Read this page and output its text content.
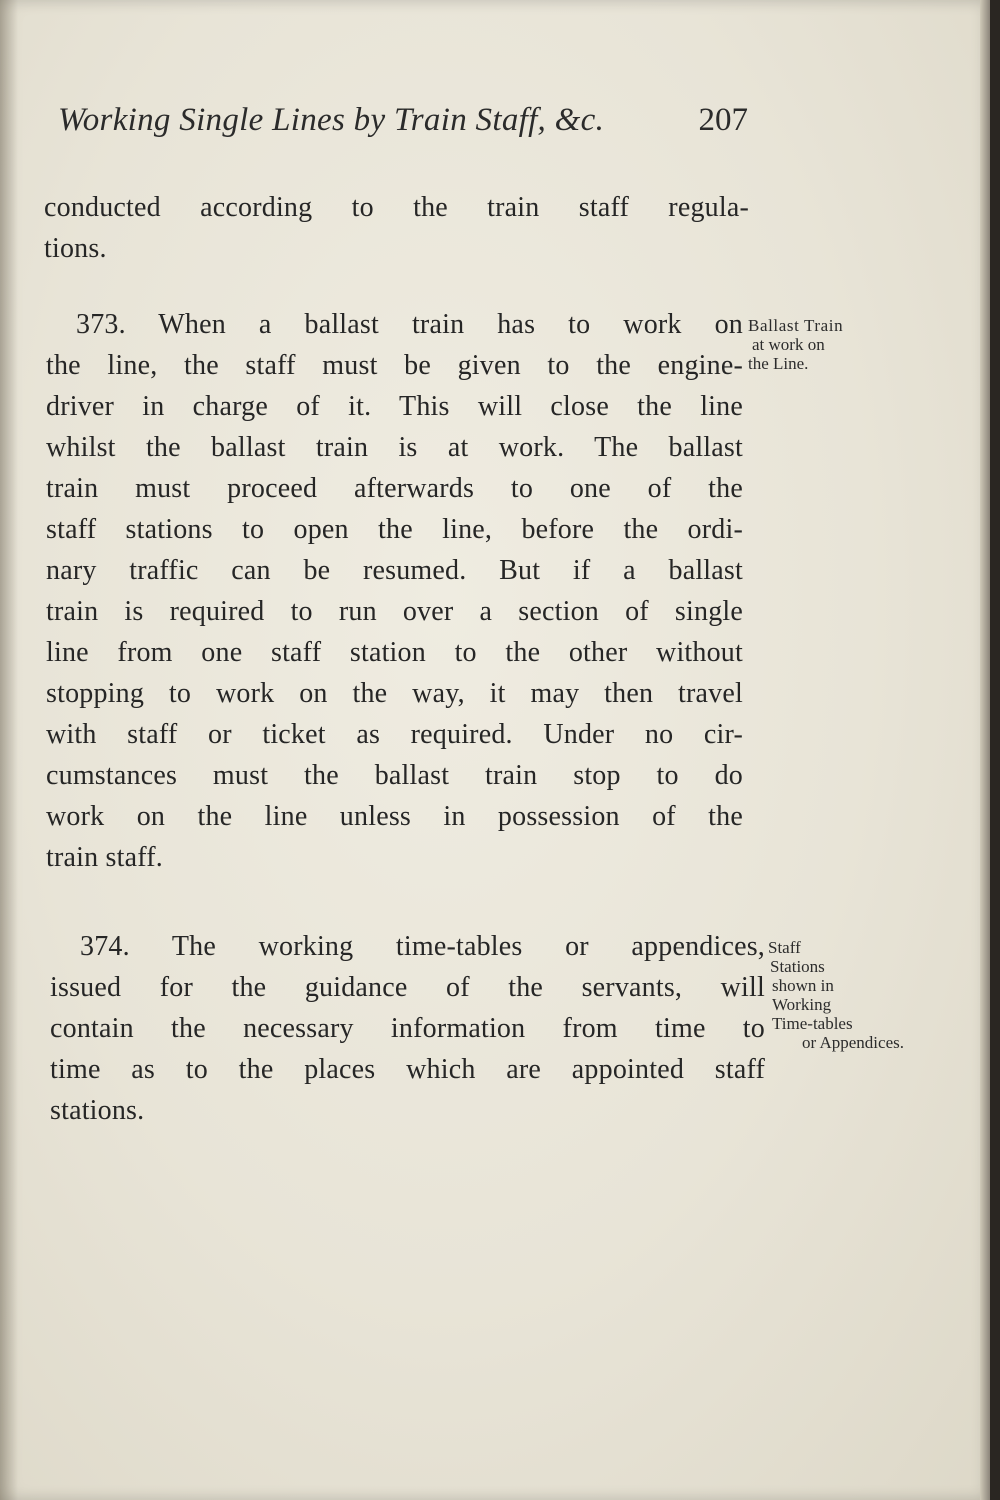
Working Single Lines by Train Staff, &c.	207
conducted according to the train staff regula-
tions.
373. When a ballast train has to work on
the line, the staff must be given to the engine-
driver in charge of it. This will close the line
whilst the ballast train is at work. The ballast
train must proceed afterwards to one of the
staff stations to open the line, before the ordi-
nary traffic can be resumed. But if a ballast
train is required to run over a section of single
line from one staff station to the other without
stopping to work on the way, it may then travel
with staff or ticket as required. Under no cir-
cumstances must the ballast train stop to do
work on the line unless in possession of the
train staff.
Ballast Train
at work on
the Line.
374. The working time-tables or appendices,
issued for the guidance of the servants, will
contain the necessary information from time to
time as to the places which are appointed staff
stations.
Staff
Stations
shown in
Working
Time-tables
or Appendices.
